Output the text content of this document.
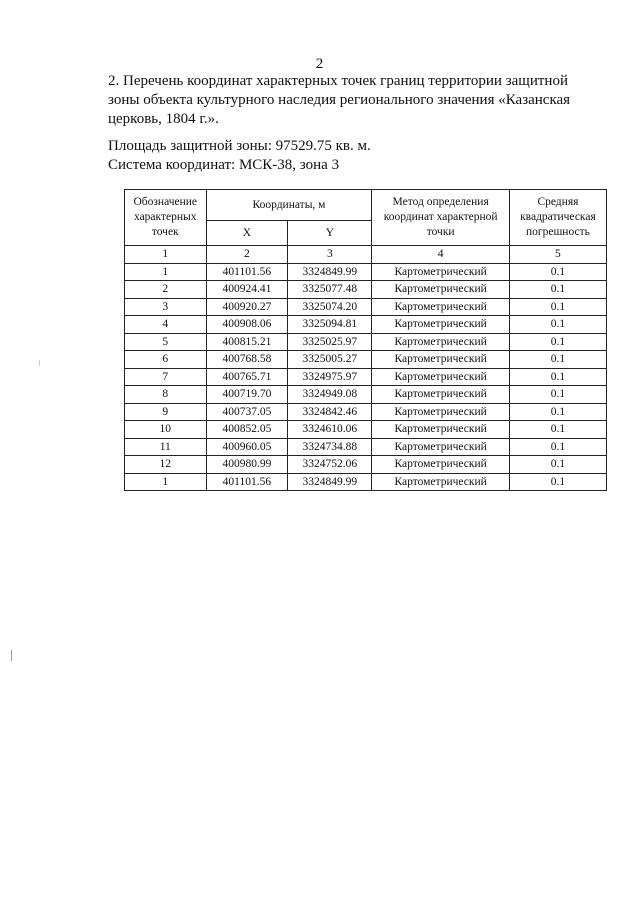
2
2. Перечень координат характерных точек границ территории защитной зоны объекта культурного наследия регионального значения «Казанская церковь, 1804 г.».
Площадь защитной зоны: 97529.75 кв. м.
Система координат: МСК-38, зона 3
Обозначение характерных точек	Координаты, м		Метод определения координат характерной точки	Средняя квадратическая погрешность
	X	Y		
1	2	3	4	5
1	401101.56	3324849.99	Картометрический	0.1
2	400924.41	3325077.48	Картометрический	0.1
3	400920.27	3325074.20	Картометрический	0.1
4	400908.06	3325094.81	Картометрический	0.1
5	400815.21	3325025.97	Картометрический	0.1
6	400768.58	3325005.27	Картометрический	0.1
7	400765.71	3324975.97	Картометрический	0.1
8	400719.70	3324949.08	Картометрический	0.1
9	400737.05	3324842.46	Картометрический	0.1
10	400852.05	3324610.06	Картометрический	0.1
11	400960.05	3324734.88	Картометрический	0.1
12	400980.99	3324752.06	Картометрический	0.1
1	401101.56	3324849.99	Картометрический	0.1
